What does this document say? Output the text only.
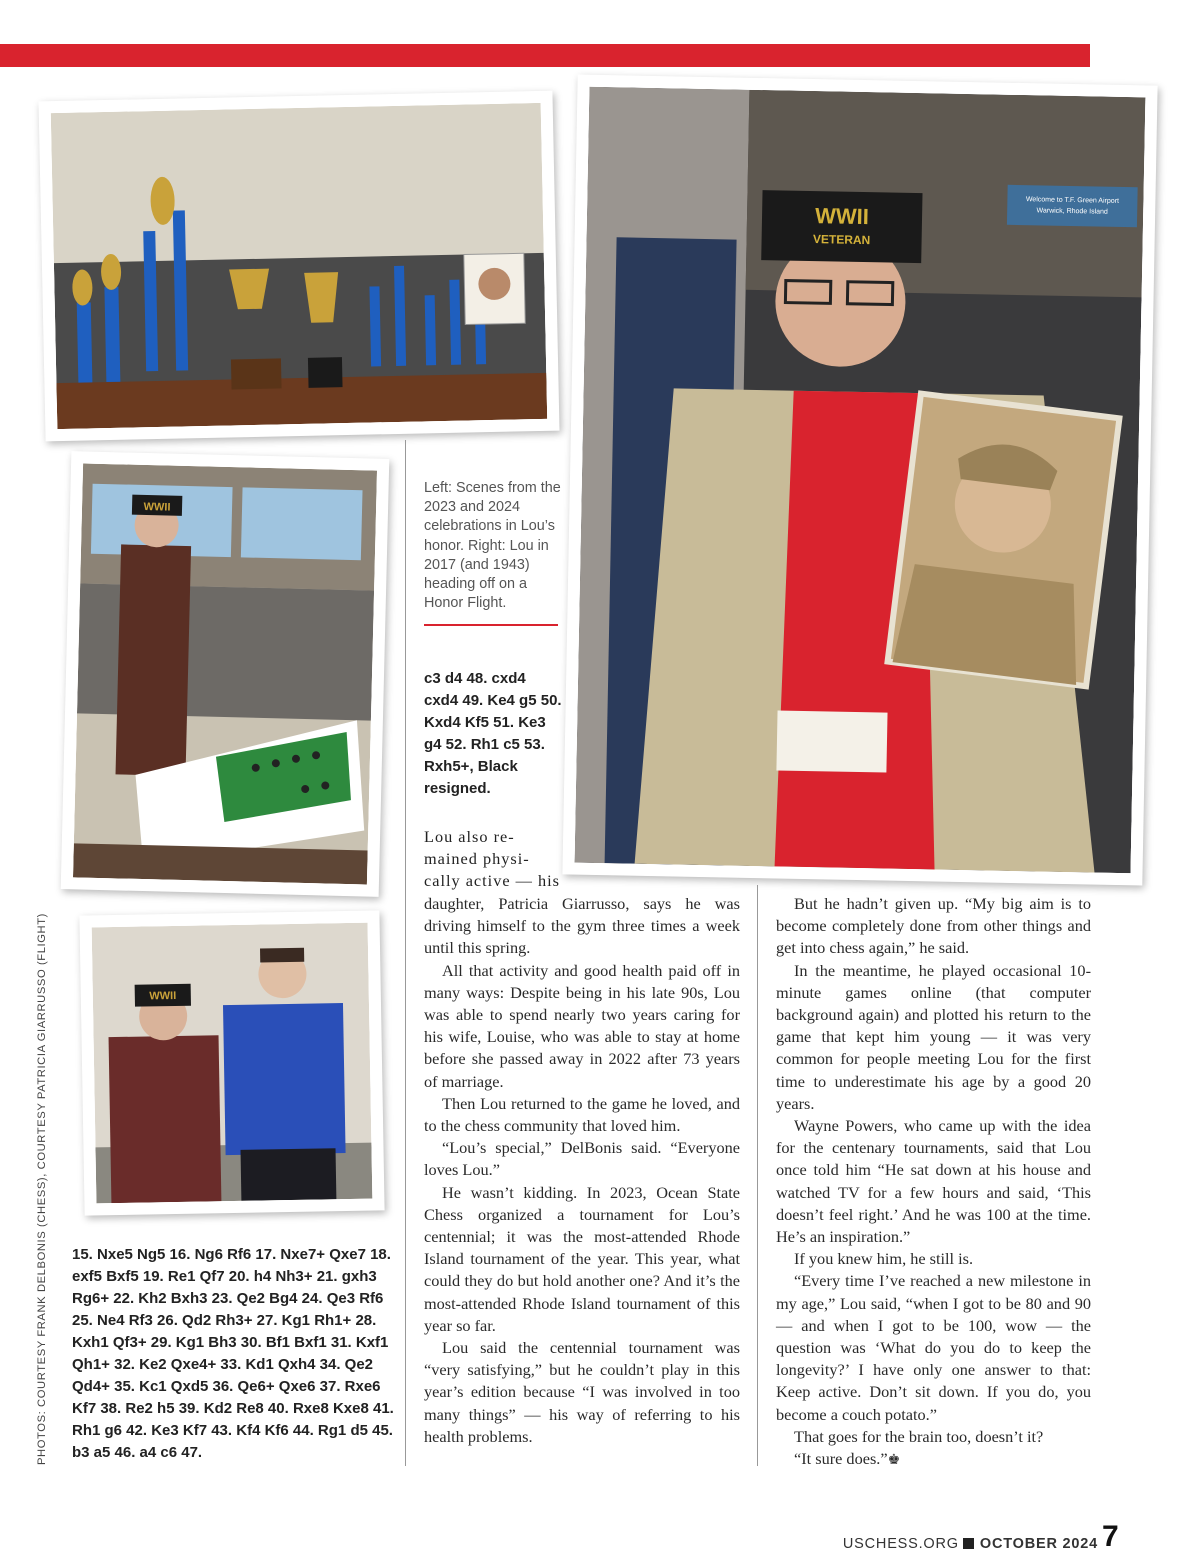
WWII
WWII
Welcome to T.F. Green Airport
Warwick, Rhode Island
WWII
VETERAN
PHOTOS: COURTESY FRANK DELBONIS (CHESS), COURTESY PATRICIA GIARRUSSO (FLIGHT)
Left: Scenes from the 2023 and 2024 celebrations in Lou’s honor. Right: Lou in 2017 (and 1943) heading off on a Honor Flight.
c3 d4 48. cxd4 cxd4 49. Ke4 g5 50. Kxd4 Kf5 51. Ke3 g4 52. Rh1 c5 53. Rxh5+, Black resigned.
15. Nxe5 Ng5 16. Ng6 Rf6 17. Nxe7+ Qxe7 18. exf5 Bxf5 19. Re1 Qf7 20. h4 Nh3+ 21. gxh3 Rg6+ 22. Kh2 Bxh3 23. Qe2 Bg4 24. Qe3 Rf6 25. Ne4 Rf3 26. Qd2 Rh3+ 27. Kg1 Rh1+ 28. Kxh1 Qf3+ 29. Kg1 Bh3 30. Bf1 Bxf1 31. Kxf1 Qh1+ 32. Ke2 Qxe4+ 33. Kd1 Qxh4 34. Qe2 Qd4+ 35. Kc1 Qxd5 36. Qe6+ Qxe6 37. Rxe6 Kf7 38. Re2 h5 39. Kd2 Re8 40. Rxe8 Kxe8 41. Rh1 g6 42. Ke3 Kf7 43. Kf4 Kf6 44. Rg1 d5 45. b3 a5 46. a4 c6 47.
Lou also re-mained physi-cally active — his

daughter, Patricia Giarrusso, says he was driving himself to the gym three times a week until this spring.

All that activity and good health paid off in many ways: Despite being in his late 90s, Lou was able to spend nearly two years caring for his wife, Louise, who was able to stay at home before she passed away in 2022 after 73 years of marriage.

Then Lou returned to the game he loved, and to the chess community that loved him.

“Lou’s special,” DelBonis said. “Everyone loves Lou.”

He wasn’t kidding. In 2023, Ocean State Chess organized a tournament for Lou’s centennial; it was the most-attended Rhode Island tournament of the year. This year, what could they do but hold another one? And it’s the most-attended Rhode Island tournament of this year so far.

Lou said the centennial tournament was “very satisfying,” but he couldn’t play in this year’s edition because “I was involved in too many things” — his way of referring to his health problems.

But he hadn’t given up. “My big aim is to become completely done from other things and get into chess again,” he said.

In the meantime, he played occasional 10-minute games online (that computer background again) and plotted his return to the game that kept him young — it was very common for people meeting Lou for the first time to underestimate his age by a good 20 years.

Wayne Powers, who came up with the idea for the centenary tournaments, said that Lou once told him “He sat down at his house and watched TV for a few hours and said, ‘This doesn’t feel right.’ And he was 100 at the time. He’s an inspiration.”

If you knew him, he still is.

“Every time I’ve reached a new milestone in my age,” Lou said, “when I got to be 80 and 90 — and when I got to be 100, wow — the question was ‘What do you do to keep the longevity?’ I have only one answer to that: Keep active. Don’t sit down. If you do, you become a couch potato.”

That goes for the brain too, doesn’t it?

“It sure does.”♚

USCHESS.ORG OCTOBER 2024 7
